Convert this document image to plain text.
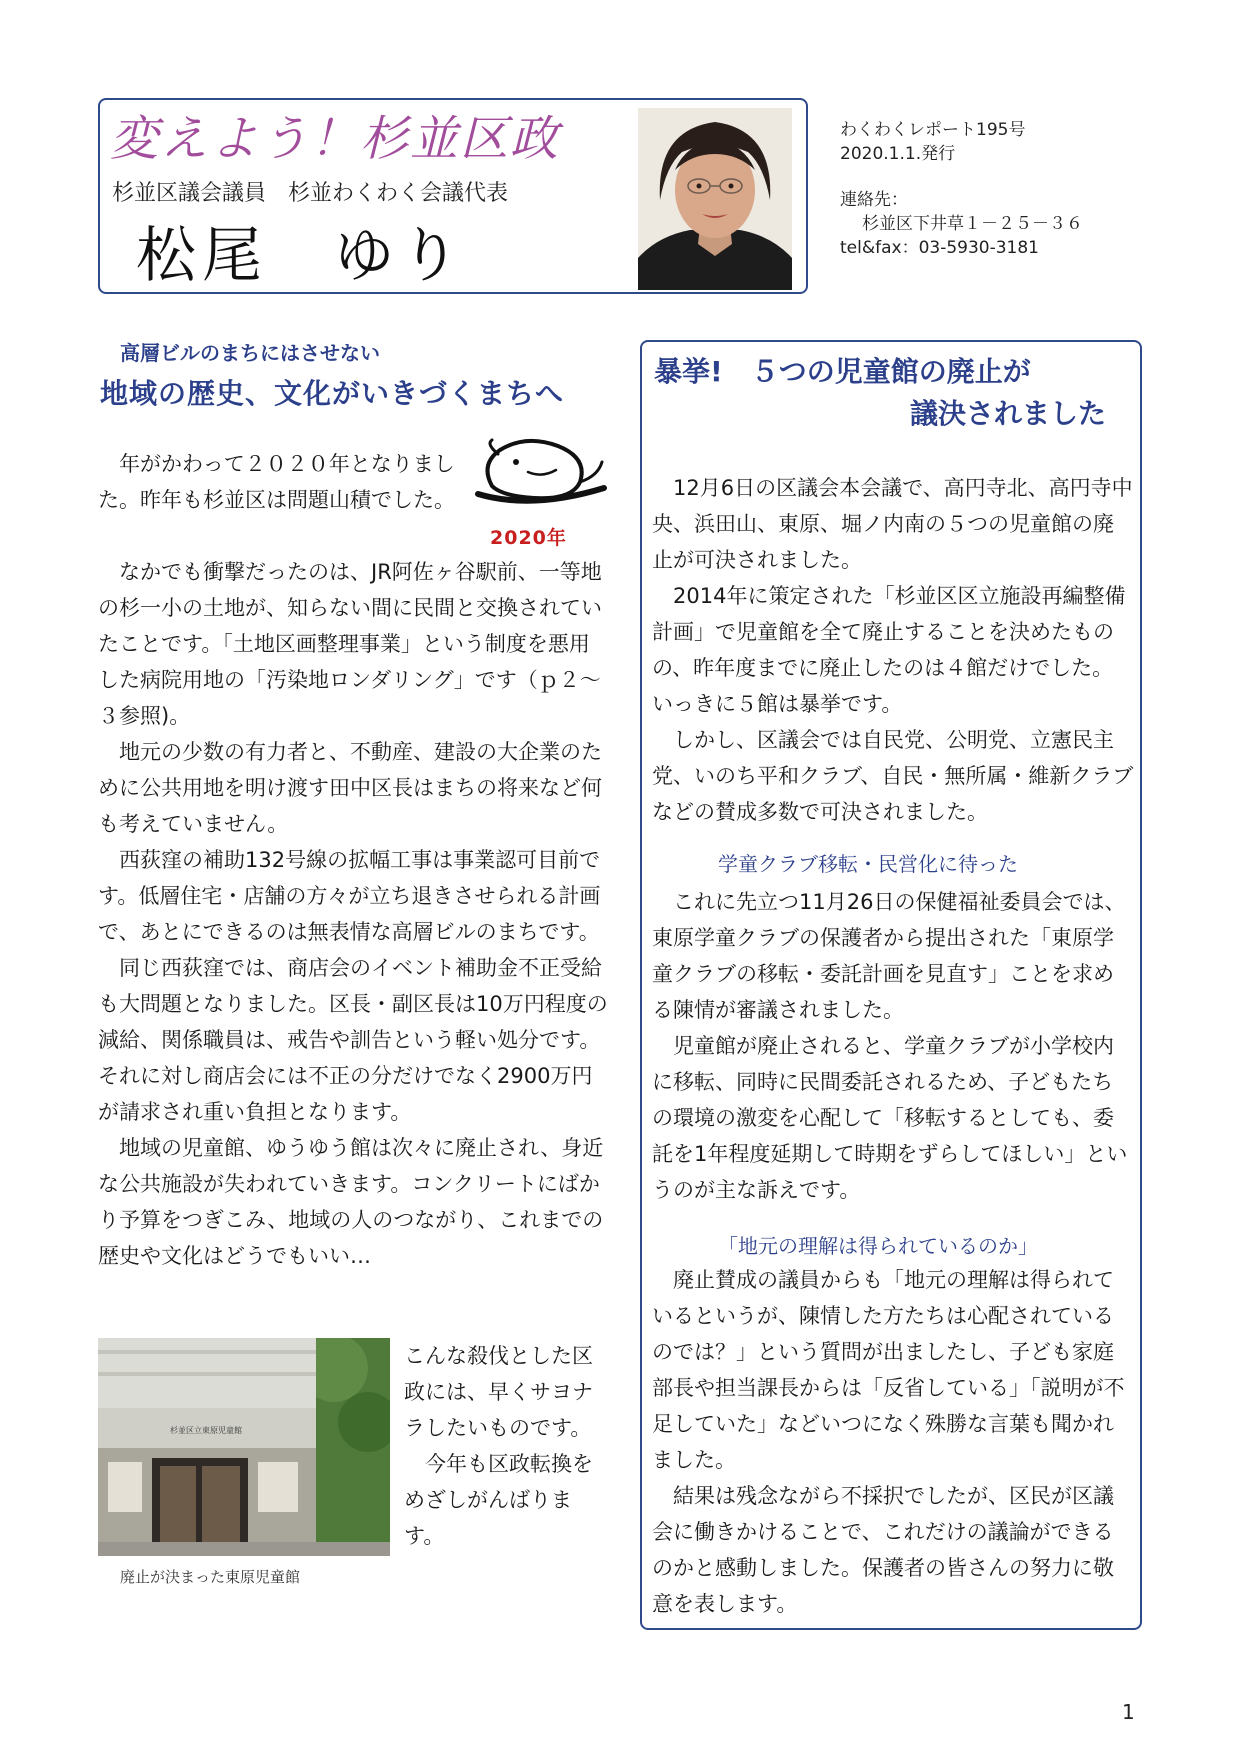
変えよう！杉並区政
杉並区議会議員　杉並わくわく会議代表
松尾　ゆり
わくわくレポート195号
2020.1.1.発行
連絡先：
杉並区下井草１－２５－３６
tel&fax：03-5930-3181
高層ビルのまちにはさせない
地域の歴史、文化がいきづくまちへ
2020年

年がかわって２０２０年となりました。昨年も杉並区は問題山積でした。

なかでも衝撃だったのは、JR阿佐ヶ谷駅前、一等地の杉一小の土地が、知らない間に民間と交換されていたことです。「土地区画整理事業」という制度を悪用した病院用地の「汚染地ロンダリング」です（ｐ２～３参照)。

地元の少数の有力者と、不動産、建設の大企業のために公共用地を明け渡す田中区長はまちの将来など何も考えていません。

西荻窪の補助132号線の拡幅工事は事業認可目前です。低層住宅・店舗の方々が立ち退きさせられる計画で、あとにできるのは無表情な高層ビルのまちです。

同じ西荻窪では、商店会のイベント補助金不正受給も大問題となりました。区長・副区長は10万円程度の減給、関係職員は、戒告や訓告という軽い処分です。それに対し商店会には不正の分だけでなく2900万円が請求され重い負担となります。

地域の児童館、ゆうゆう館は次々に廃止され、身近な公共施設が失われていきます。コンクリートにばかり予算をつぎこみ、地域の人のつながり、これまでの歴史や文化はどうでもいい…

杉並区立東原児童館
廃止が決まった東原児童館

こんな殺伐とした区政には、早くサヨナラしたいものです。

今年も区政転換をめざしがんばります。

暴挙!　５つの児童館の廃止が
議決されました

12月6日の区議会本会議で、高円寺北、高円寺中央、浜田山、東原、堀ノ内南の５つの児童館の廃止が可決されました。

2014年に策定された「杉並区区立施設再編整備計画」で児童館を全て廃止することを決めたものの、昨年度までに廃止したのは４館だけでした。いっきに５館は暴挙です。

しかし、区議会では自民党、公明党、立憲民主党、いのち平和クラブ、自民・無所属・維新クラブなどの賛成多数で可決されました。

学童クラブ移転・民営化に待った

これに先立つ11月26日の保健福祉委員会では、東原学童クラブの保護者から提出された「東原学童クラブの移転・委託計画を見直す」ことを求める陳情が審議されました。

児童館が廃止されると、学童クラブが小学校内に移転、同時に民間委託されるため、子どもたちの環境の激変を心配して「移転するとしても、委託を1年程度延期して時期をずらしてほしい」というのが主な訴えです。

「地元の理解は得られているのか」

廃止賛成の議員からも「地元の理解は得られているというが、陳情した方たちは心配されているのでは？」という質問が出ましたし、子ども家庭部長や担当課長からは「反省している」「説明が不足していた」などいつになく殊勝な言葉も聞かれました。

結果は残念ながら不採択でしたが、区民が区議会に働きかけることで、これだけの議論ができるのかと感動しました。保護者の皆さんの努力に敬意を表します。

1
